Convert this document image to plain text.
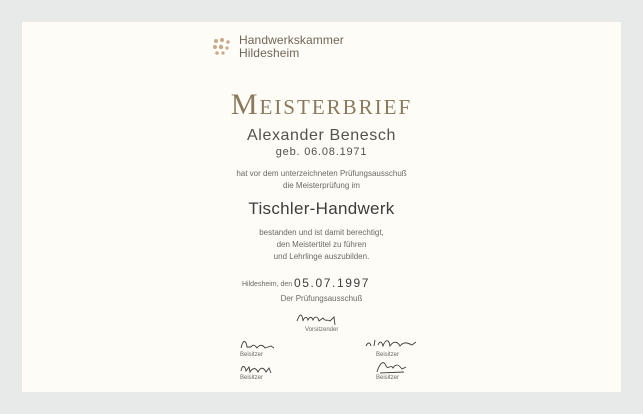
Handwerkskammer
Hildesheim
Meisterbrief
Alexander Benesch
geb. 06.08.1971
hat vor dem unterzeichneten Prüfungsausschuß
die Meisterprüfung im
Tischler-Handwerk
bestanden und ist damit berechtigt,
den Meistertitel zu führen
und Lehrlinge auszubilden.
Hildesheim, den 05.07.1997
Der Prüfungsausschuß
Vorsitzender
Beisitzer	Beisitzer
Beisitzer	Beisitzer
